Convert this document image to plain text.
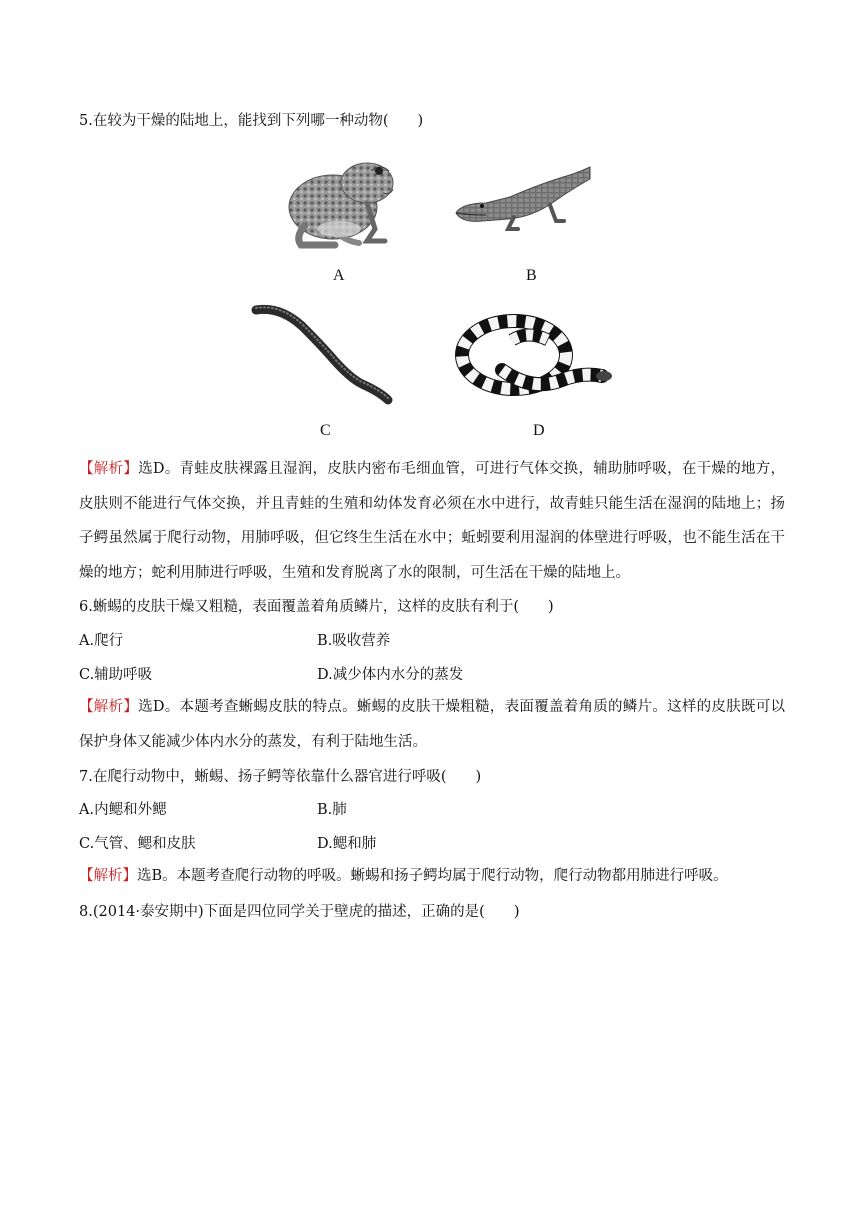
5.在较为干燥的陆地上，能找到下列哪一种动物(　　)
A	B
C	D
【解析】选D。青蛙皮肤裸露且湿润，皮肤内密布毛细血管，可进行气体交换，辅助肺呼吸，在干燥的地方，皮肤则不能进行气体交换，并且青蛙的生殖和幼体发育必须在水中进行，故青蛙只能生活在湿润的陆地上；扬子鳄虽然属于爬行动物，用肺呼吸，但它终生生活在水中；蚯蚓要利用湿润的体壁进行呼吸，也不能生活在干燥的地方；蛇利用肺进行呼吸，生殖和发育脱离了水的限制，可生活在干燥的陆地上。
6.蜥蜴的皮肤干燥又粗糙，表面覆盖着角质鳞片，这样的皮肤有利于(　　)
A.爬行	B.吸收营养
C.辅助呼吸	D.减少体内水分的蒸发
【解析】选D。本题考查蜥蜴皮肤的特点。蜥蜴的皮肤干燥粗糙，表面覆盖着角质的鳞片。这样的皮肤既可以保护身体又能减少体内水分的蒸发，有利于陆地生活。
7.在爬行动物中，蜥蜴、扬子鳄等依靠什么器官进行呼吸(　　)
A.内鳃和外鳃	B.肺
C.气管、鳃和皮肤	D.鳃和肺
【解析】选B。本题考查爬行动物的呼吸。蜥蜴和扬子鳄均属于爬行动物，爬行动物都用肺进行呼吸。
8.(2014·泰安期中)下面是四位同学关于壁虎的描述，正确的是(　　)
